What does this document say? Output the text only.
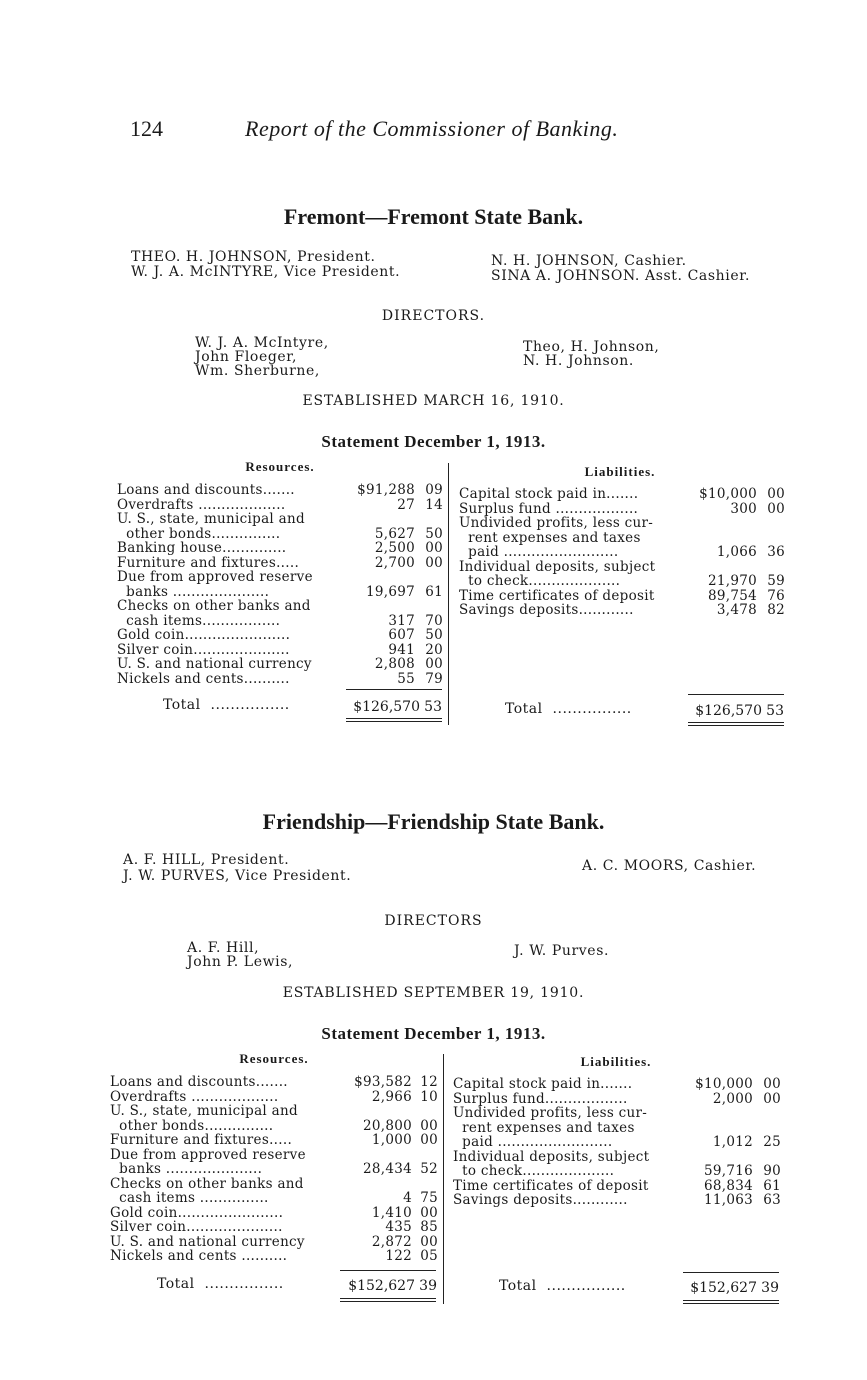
124	Report of the Commissioner of Banking.
Fremont—Fremont State Bank.
THEO. H. JOHNSON, President.
W. J. A. McINTYRE, Vice President.
N. H. JOHNSON, Cashier.
SINA A. JOHNSON. Asst. Cashier.
DIRECTORS.
W. J. A. McIntyre,
John Floeger,
Wm. Sherburne,
Theo, H. Johnson,
N. H. Johnson.
ESTABLISHED MARCH 16, 1910.
Statement December 1, 1913.
Resources.	Liabilities.
Loans and discounts.......	$91,288 09
Overdrafts ...................	27 14
U. S., state, municipal and
other bonds...............	5,627 50
Banking house..............	2,500 00
Furniture and fixtures.....	2,700 00
Due from approved reserve
banks .....................	19,697 61
Checks on other banks and
cash items.................	317 70
Gold coin.......................	607 50
Silver coin.....................	941 20
U. S. and national currency	2,808 00
Nickels and cents..........	55 79
Capital stock paid in.......	$10,000 00
Surplus fund ..................	300 00
Undivided profits, less cur-
rent expenses and taxes
paid .........................	1,066 36
Individual deposits, subject
to check....................	21,970 59
Time certificates of deposit	89,754 76
Savings deposits............	3,478 82
Total ................	$126,570 53	Total ................	$126,570 53
Friendship—Friendship State Bank.
A. F. HILL, President.
J. W. PURVES, Vice President.
A. C. MOORS, Cashier.
DIRECTORS
A. F. Hill,
John P. Lewis,
J. W. Purves.
ESTABLISHED SEPTEMBER 19, 1910.
Statement December 1, 1913.
Resources.	Liabilities.
Loans and discounts.......	$93,582 12
Overdrafts ...................	2,966 10
U. S., state, municipal and
other bonds...............	20,800 00
Furniture and fixtures.....	1,000 00
Due from approved reserve
banks .....................	28,434 52
Checks on other banks and
cash items ...............	4 75
Gold coin.......................	1,410 00
Silver coin.....................	435 85
U. S. and national currency	2,872 00
Nickels and cents ..........	122 05
Capital stock paid in.......	$10,000 00
Surplus fund..................	2,000 00
Undivided profits, less cur-
rent expenses and taxes
paid .........................	1,012 25
Individual deposits, subject
to check....................	59,716 90
Time certificates of deposit	68,834 61
Savings deposits............	11,063 63
Total ................	$152,627 39	Total ................	$152,627 39
